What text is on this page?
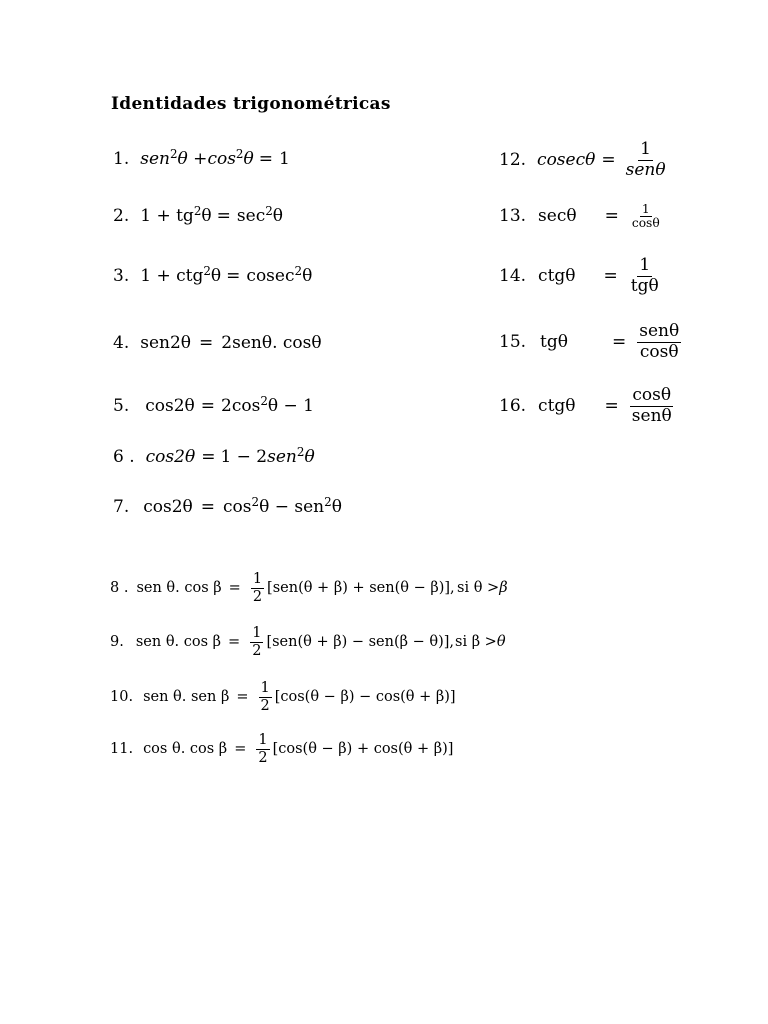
Identidades trigonométricas
1. sen 2 θ + cos 2 θ = 1
2. 1 + tg 2 θ = sec 2 θ
3. 1 + ctg 2 θ = cosec 2 θ
4. sen2θ = 2senθ. cosθ
5. cos2θ = 2cos 2 θ − 1
6 . cos 2 θ = 1 − 2 sen 2 θ
7. cos2θ = cos 2 θ − sen 2 θ
8 . sen θ. $\cos \beta = \frac{1}{2} [sen(\theta + \beta) + sen(\theta - \beta)]$, si θ > β
9. sen θ. $\cos \beta = \frac{1}{2} [sen(\theta + \beta) - sen(\beta - \theta)]$, si β > θ
10. sen θ. sen $\beta = \frac{1}{2} [\cos(\theta - \beta) - \cos(\theta + \beta)]$
11. cos θ. $\cos \beta = \frac{1}{2} [\cos(\theta - \beta) + \cos(\theta + \beta)]$
12. $cosec\theta = \frac{1}{\text{senθ}}$
13. $\sec\theta = \frac{1}{\cos\theta}$
14. $ctg\theta = \frac{1}{\text{tgθ}}$
15. tgθ	= $\frac{\text{senθ}}{\cos\theta}$
16. $ctg\theta = \frac{\cos\theta}{\text{senθ}}$
